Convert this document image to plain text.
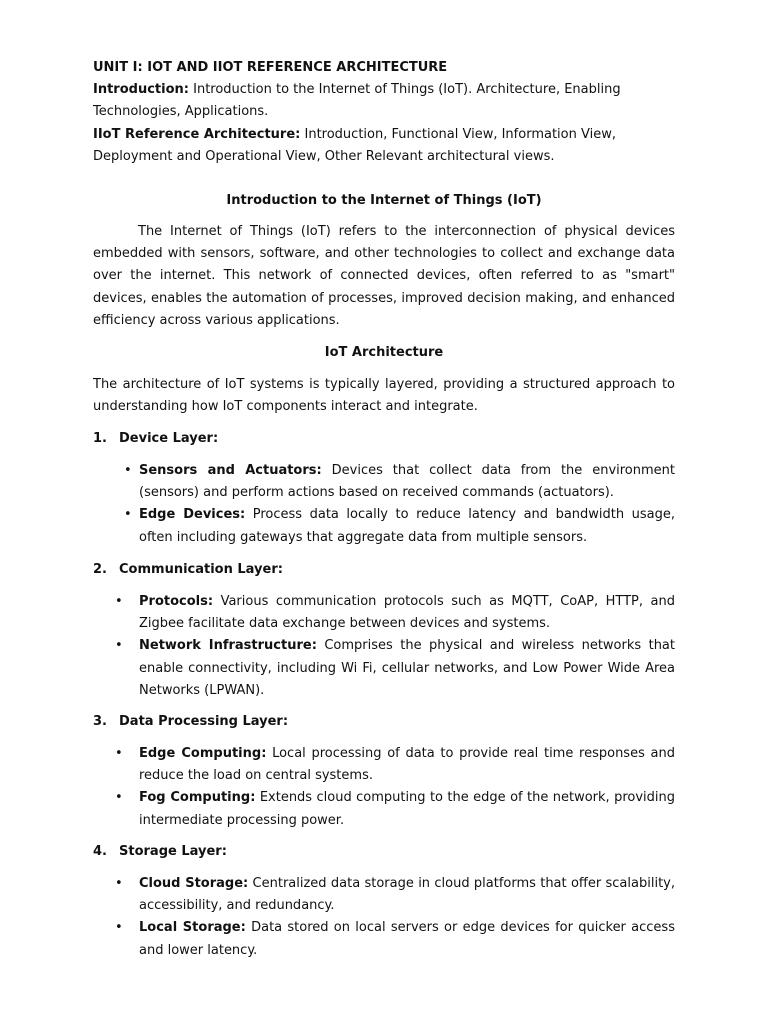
UNIT I: IOT AND IIOT REFERENCE ARCHITECTURE

Introduction: Introduction to the Internet of Things (IoT). Architecture, Enabling Technologies, Applications.

IIoT Reference Architecture: Introduction, Functional View, Information View, Deployment and Operational View, Other Relevant architectural views.

Introduction to the Internet of Things (IoT)

The Internet of Things (IoT) refers to the interconnection of physical devices embedded with sensors, software, and other technologies to collect and exchange data over the internet. This network of connected devices, often referred to as "smart" devices, enables the automation of processes, improved decision making, and enhanced efficiency across various applications.

IoT Architecture

The architecture of IoT systems is typically layered, providing a structured approach to understanding how IoT components interact and integrate.

1. Device Layer:

• Sensors and Actuators: Devices that collect data from the environment (sensors) and perform actions based on received commands (actuators).
• Edge Devices: Process data locally to reduce latency and bandwidth usage, often including gateways that aggregate data from multiple sensors.

2. Communication Layer:

• Protocols: Various communication protocols such as MQTT, CoAP, HTTP, and Zigbee facilitate data exchange between devices and systems.
• Network Infrastructure: Comprises the physical and wireless networks that enable connectivity, including Wi Fi, cellular networks, and Low Power Wide Area Networks (LPWAN).

3. Data Processing Layer:

• Edge Computing: Local processing of data to provide real time responses and reduce the load on central systems.
• Fog Computing: Extends cloud computing to the edge of the network, providing intermediate processing power.

4. Storage Layer:

• Cloud Storage: Centralized data storage in cloud platforms that offer scalability, accessibility, and redundancy.
• Local Storage: Data stored on local servers or edge devices for quicker access and lower latency.
